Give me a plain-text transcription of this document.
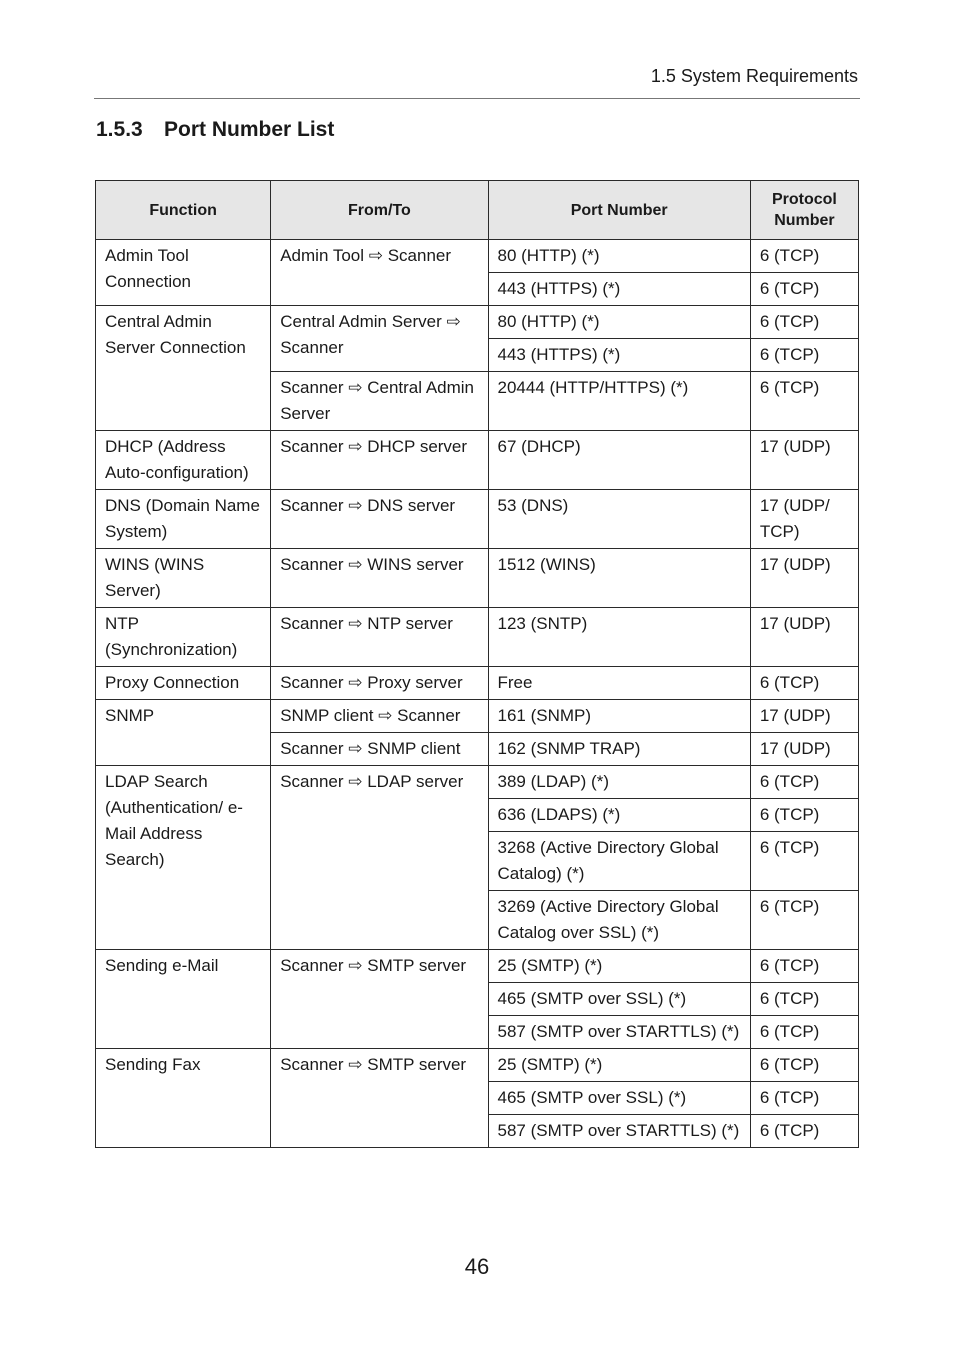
1.5 System Requirements
1.5.3 Port Number List
Function	From/To	Port Number	Protocol Number
Admin Tool Connection	Admin Tool ⇨ Scanner	80 (HTTP) (*)	6 (TCP)
		443 (HTTPS) (*)	6 (TCP)
Central Admin Server Connection	Central Admin Server ⇨ Scanner	80 (HTTP) (*)	6 (TCP)
		443 (HTTPS) (*)	6 (TCP)
	Scanner ⇨ Central Admin Server	20444 (HTTP/HTTPS) (*)	6 (TCP)
DHCP (Address Auto-configuration)	Scanner ⇨ DHCP server	67 (DHCP)	17 (UDP)
DNS (Domain Name System)	Scanner ⇨ DNS server	53 (DNS)	17 (UDP/ TCP)
WINS (WINS Server)	Scanner ⇨ WINS server	1512 (WINS)	17 (UDP)
NTP (Synchronization)	Scanner ⇨ NTP server	123 (SNTP)	17 (UDP)
Proxy Connection	Scanner ⇨ Proxy server	Free	6 (TCP)
SNMP	SNMP client ⇨ Scanner	161 (SNMP)	17 (UDP)
	Scanner ⇨ SNMP client	162 (SNMP TRAP)	17 (UDP)
LDAP Search (Authentication/ e-Mail Address Search)	Scanner ⇨ LDAP server	389 (LDAP) (*)	6 (TCP)
		636 (LDAPS) (*)	6 (TCP)
		3268 (Active Directory Global Catalog) (*)	6 (TCP)
		3269 (Active Directory Global Catalog over SSL) (*)	6 (TCP)
Sending e-Mail	Scanner ⇨ SMTP server	25 (SMTP) (*)	6 (TCP)
		465 (SMTP over SSL) (*)	6 (TCP)
		587 (SMTP over STARTTLS) (*)	6 (TCP)
Sending Fax	Scanner ⇨ SMTP server	25 (SMTP) (*)	6 (TCP)
		465 (SMTP over SSL) (*)	6 (TCP)
		587 (SMTP over STARTTLS) (*)	6 (TCP)
46
